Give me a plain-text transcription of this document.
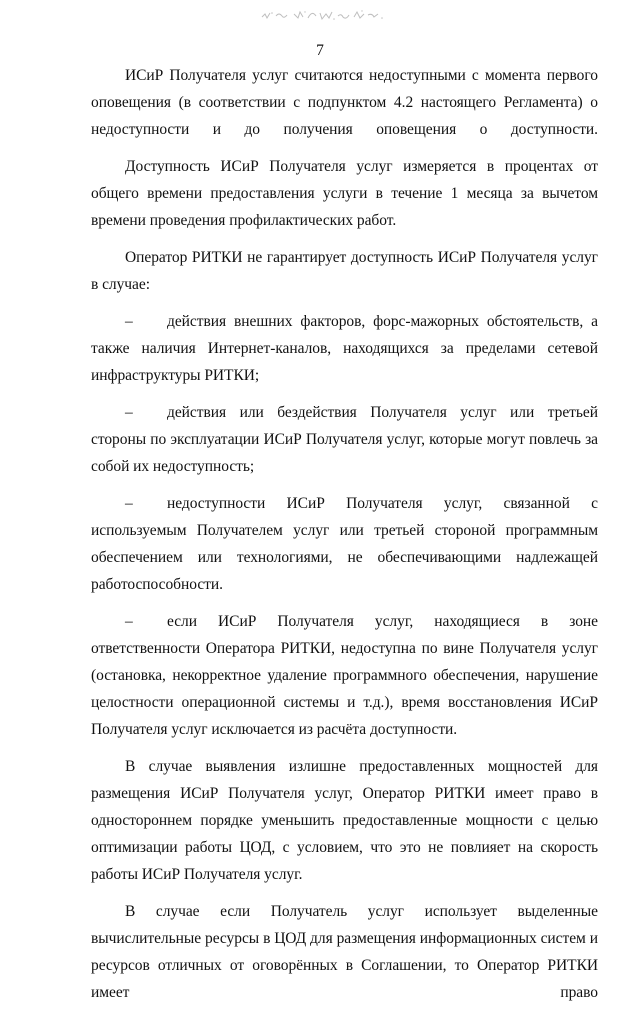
7

ИСиР Получателя услуг считаются недоступными с момента первого оповещения (в соответствии с подпунктом 4.2 настоящего Регламента) о недоступности и до получения оповещения о доступности.

Доступность ИСиР Получателя услуг измеряется в процентах от общего времени предоставления услуги в течение 1 месяца за вычетом времени проведения профилактических работ.

Оператор РИТКИ не гарантирует доступность ИСиР Получателя услуг в случае:

– действия внешних факторов, форс-мажорных обстоятельств, а также наличия Интернет-каналов, находящихся за пределами сетевой инфраструктуры РИТКИ;

– действия или бездействия Получателя услуг или третьей стороны по эксплуатации ИСиР Получателя услуг, которые могут повлечь за собой их недоступность;

– недоступности ИСиР Получателя услуг, связанной с используемым Получателем услуг или третьей стороной программным обеспечением или технологиями, не обеспечивающими надлежащей работоспособности.

– если ИСиР Получателя услуг, находящиеся в зоне ответственности Оператора РИТКИ, недоступна по вине Получателя услуг (остановка, некорректное удаление программного обеспечения, нарушение целостности операционной системы и т.д.), время восстановления ИСиР Получателя услуг исключается из расчёта доступности.

В случае выявления излишне предоставленных мощностей для размещения ИСиР Получателя услуг, Оператор РИТКИ имеет право в одностороннем порядке уменьшить предоставленные мощности с целью оптимизации работы ЦОД, с условием, что это не повлияет на скорость работы ИСиР Получателя услуг.

В случае если Получатель услуг использует выделенные вычислительные ресурсы в ЦОД для размещения информационных систем и ресурсов отличных от оговорённых в Соглашении, то Оператор РИТКИ имеет право
